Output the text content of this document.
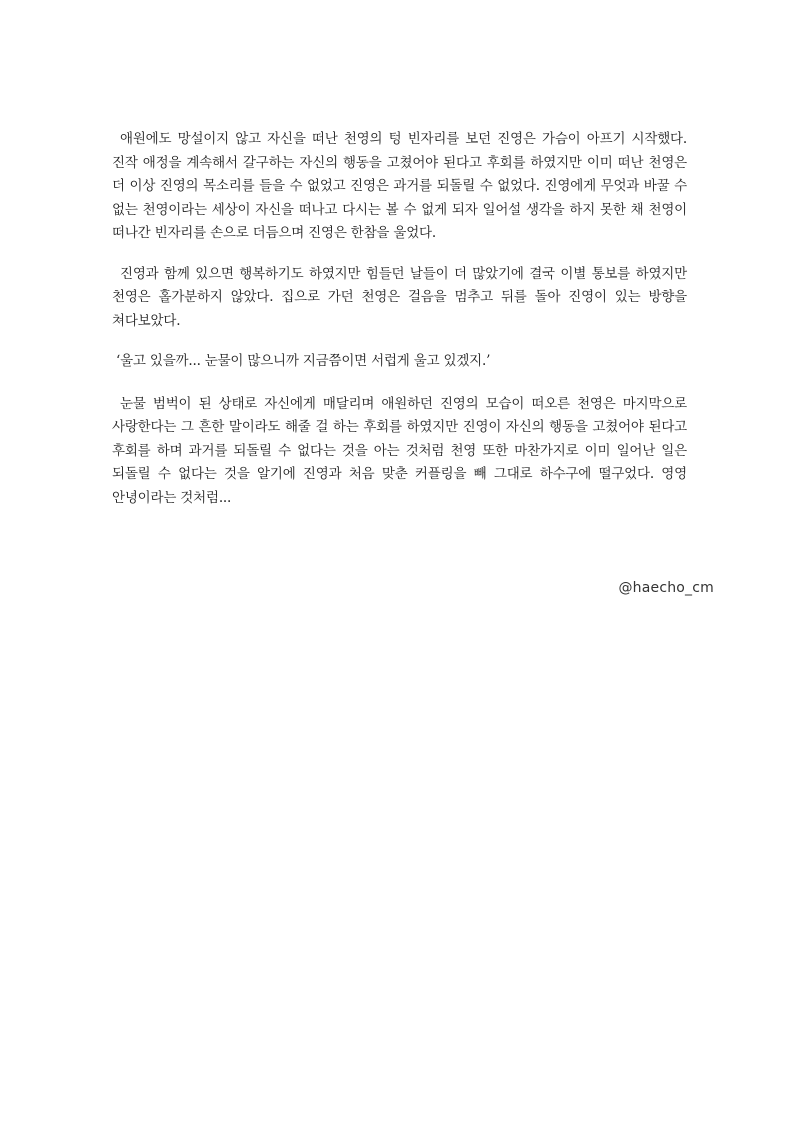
애원에도 망설이지 않고 자신을 떠난 천영의 텅 빈자리를 보던 진영은 가슴이 아프기 시작했다. 진작 애정을 계속해서 갈구하는 자신의 행동을 고쳤어야 된다고 후회를 하였지만 이미 떠난 천영은 더 이상 진영의 목소리를 들을 수 없었고 진영은 과거를 되돌릴 수 없었다. 진영에게 무엇과 바꿀 수 없는 천영이라는 세상이 자신을 떠나고 다시는 볼 수 없게 되자 일어설 생각을 하지 못한 채 천영이 떠나간 빈자리를 손으로 더듬으며 진영은 한참을 울었다.

진영과 함께 있으면 행복하기도 하였지만 힘들던 날들이 더 많았기에 결국 이별 통보를 하였지만 천영은 홀가분하지 않았다. 집으로 가던 천영은 걸음을 멈추고 뒤를 돌아 진영이 있는 방향을 쳐다보았다.

‘울고 있을까... 눈물이 많으니까 지금쯤이면 서럽게 울고 있겠지.’

눈물 범벅이 된 상태로 자신에게 매달리며 애원하던 진영의 모습이 떠오른 천영은 마지막으로 사랑한다는 그 흔한 말이라도 해줄 걸 하는 후회를 하였지만 진영이 자신의 행동을 고쳤어야 된다고 후회를 하며 과거를 되돌릴 수 없다는 것을 아는 것처럼 천영 또한 마찬가지로 이미 일어난 일은 되돌릴 수 없다는 것을 알기에 진영과 처음 맞춘 커플링을 빼 그대로 하수구에 떨구었다. 영영 안녕이라는 것처럼...

@haecho_cm
